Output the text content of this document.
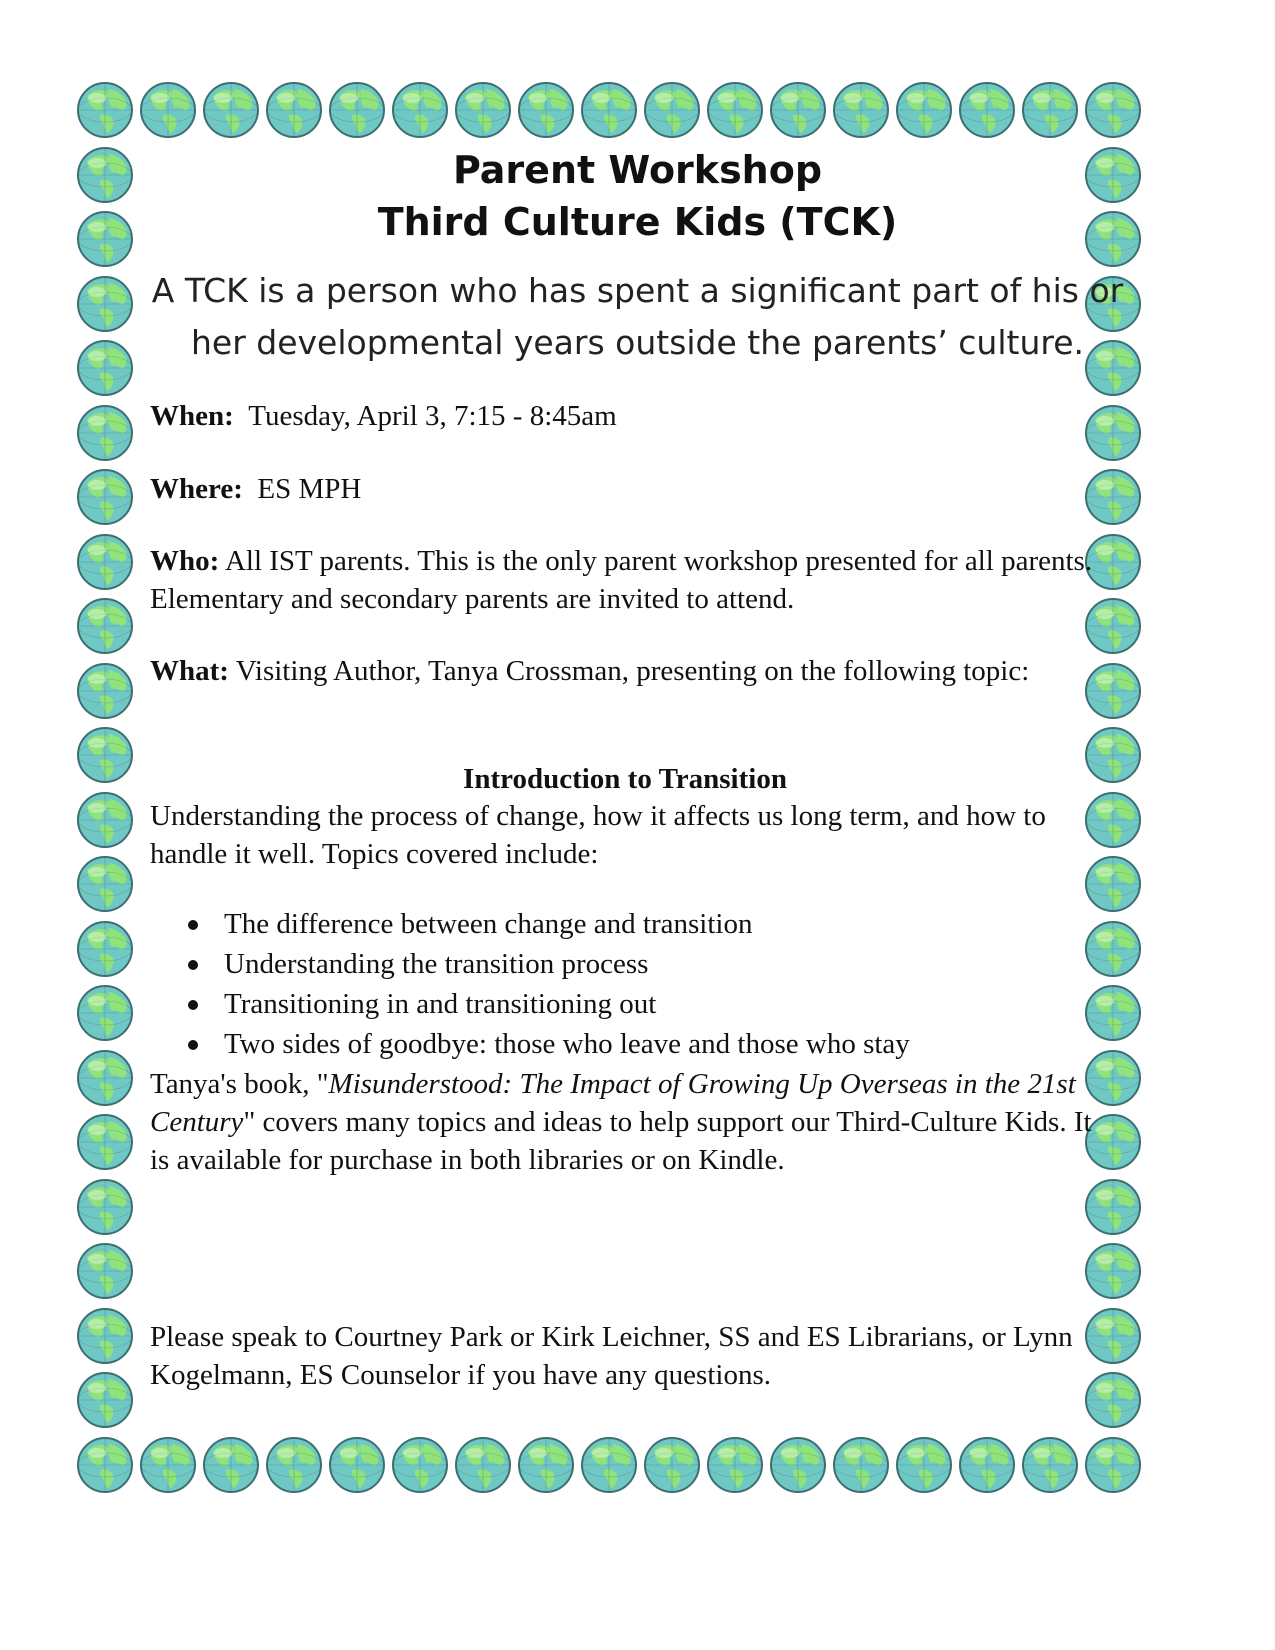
Parent Workshop
Third Culture Kids (TCK)
A TCK is a person who has spent a significant part of his or her developmental years outside the parents’ culture.
When: Tuesday, April 3, 7:15 - 8:45am
Where: ES MPH
Who: All IST parents. This is the only parent workshop presented for all parents. Elementary and secondary parents are invited to attend.
What: Visiting Author, Tanya Crossman, presenting on the following topic:
Introduction to Transition
Understanding the process of change, how it affects us long term, and how to handle it well. Topics covered include:
The difference between change and transition
Understanding the transition process
Transitioning in and transitioning out
Two sides of goodbye: those who leave and those who stay
Tanya's book, "Misunderstood: The Impact of Growing Up Overseas in the 21st Century" covers many topics and ideas to help support our Third-Culture Kids. It is available for purchase in both libraries or on Kindle.
Please speak to Courtney Park or Kirk Leichner, SS and ES Librarians, or Lynn Kogelmann, ES Counselor if you have any questions.
